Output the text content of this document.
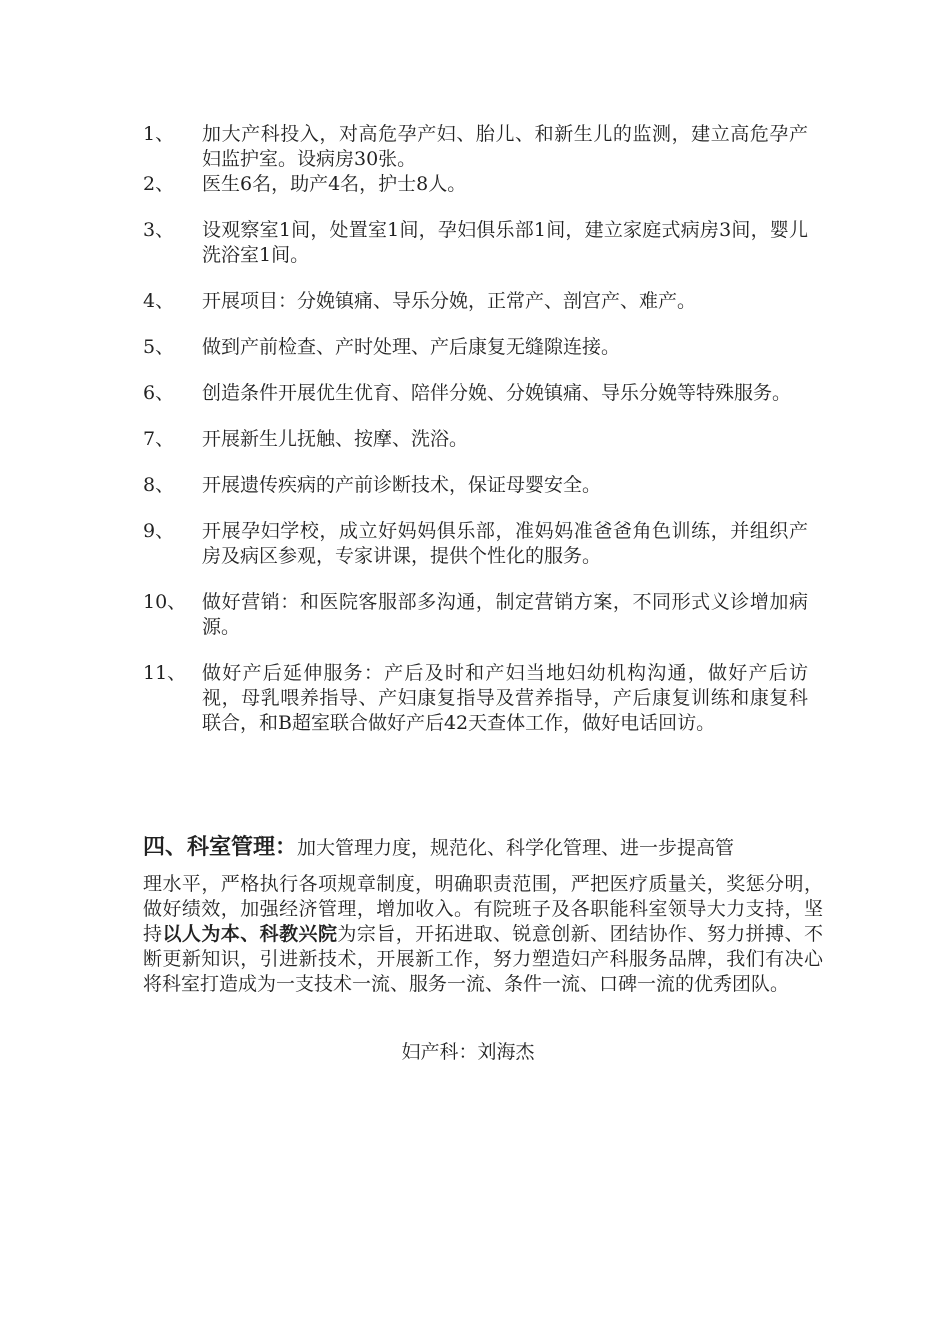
1、	加大产科投入，对高危孕产妇、胎儿、和新生儿的监测，建立高危孕产妇监护室。设病房30张。
2、	医生6名，助产4名，护士8人。
3、	设观察室1间，处置室1间，孕妇俱乐部1间，建立家庭式病房3间，婴儿洗浴室1间。
4、	开展项目：分娩镇痛、导乐分娩，正常产、剖宫产、难产。
5、	做到产前检查、产时处理、产后康复无缝隙连接。
6、	创造条件开展优生优育、陪伴分娩、分娩镇痛、导乐分娩等特殊服务。
7、	开展新生儿抚触、按摩、洗浴。
8、	开展遗传疾病的产前诊断技术，保证母婴安全。
9、	开展孕妇学校，成立好妈妈俱乐部，准妈妈准爸爸角色训练，并组织产房及病区参观，专家讲课，提供个性化的服务。
10、 做好营销：和医院客服部多沟通，制定营销方案，不同形式义诊增加病源。
11、 做好产后延伸服务：产后及时和产妇当地妇幼机构沟通，做好产后访视，母乳喂养指导、产妇康复指导及营养指导，产后康复训练和康复科联合，和B超室联合做好产后42天查体工作，做好电话回访。

四、科室管理：加大管理力度，规范化、科学化管理、进一步提高管

理水平，严格执行各项规章制度，明确职责范围，严把医疗质量关，奖惩分明，做好绩效，加强经济管理，增加收入。有院班子及各职能科室领导大力支持，坚持以人为本、科教兴院为宗旨，开拓进取、锐意创新、团结协作、努力拼搏、不断更新知识，引进新技术，开展新工作，努力塑造妇产科服务品牌，我们有决心将科室打造成为一支技术一流、服务一流、条件一流、口碑一流的优秀团队。

妇产科：刘海杰
